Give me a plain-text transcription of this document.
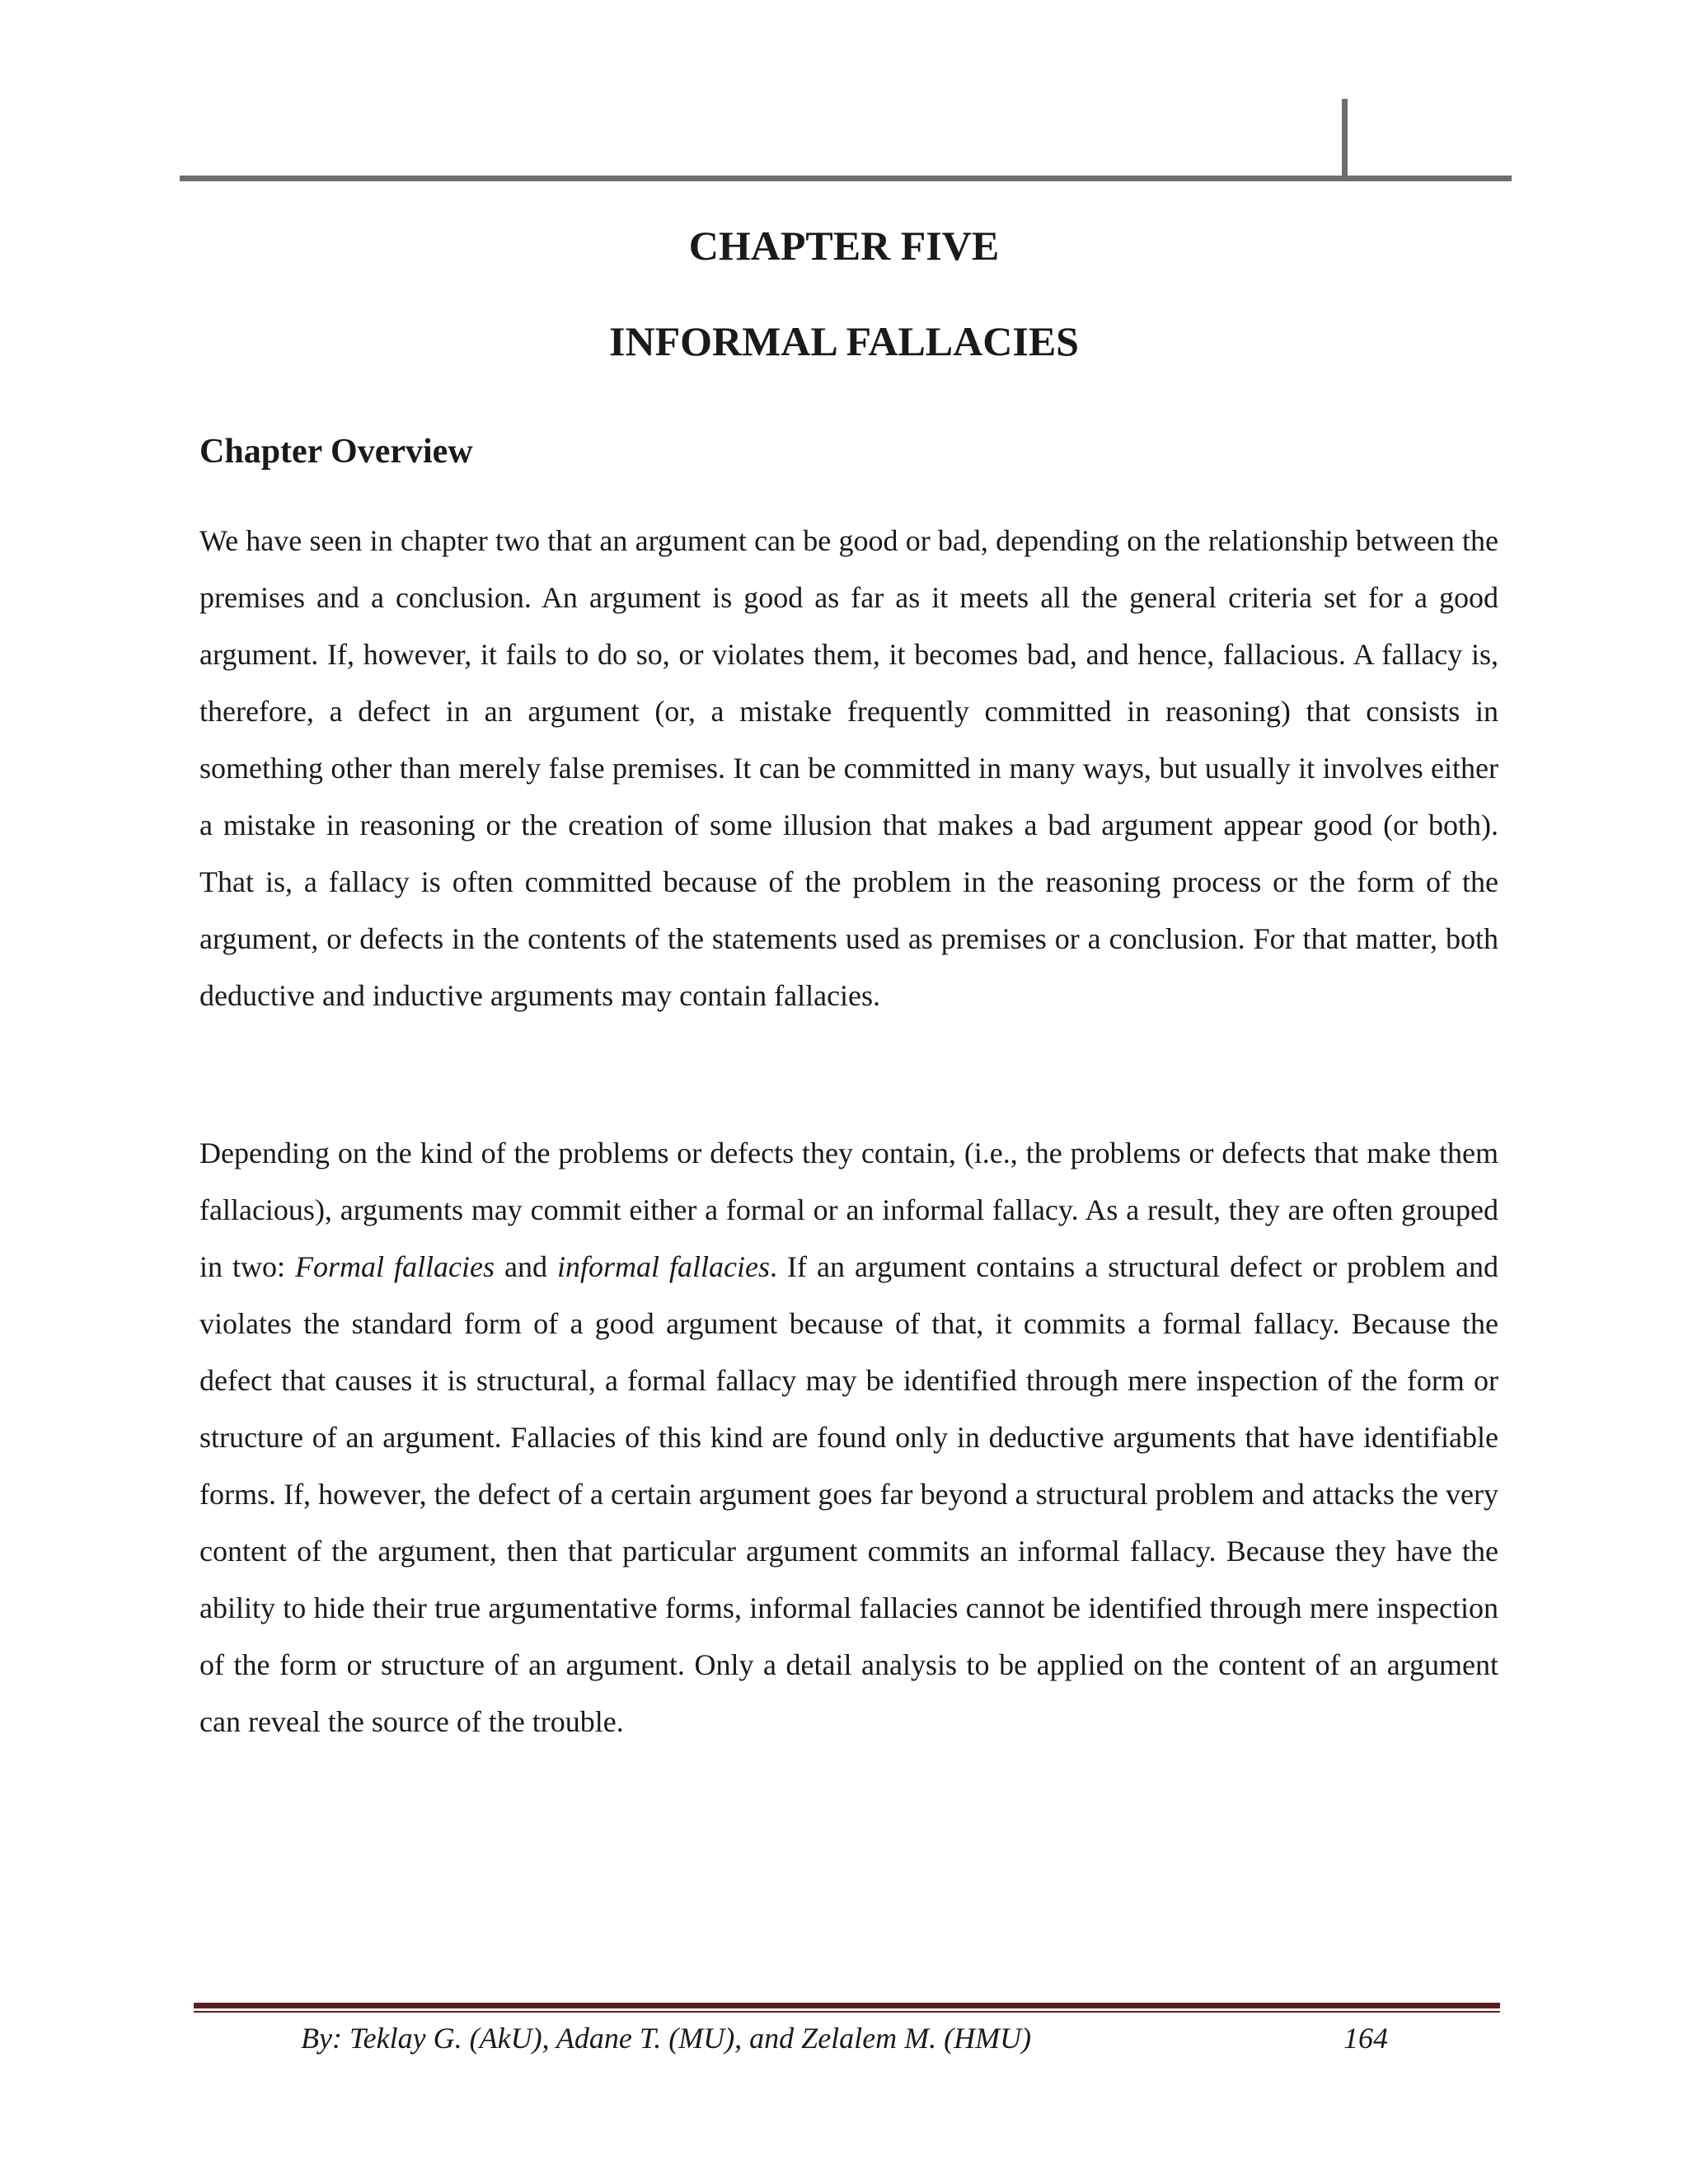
CHAPTER FIVE
INFORMAL FALLACIES
Chapter Overview

We have seen in chapter two that an argument can be good or bad, depending on the relationship between the premises and a conclusion. An argument is good as far as it meets all the general criteria set for a good argument. If, however, it fails to do so, or violates them, it becomes bad, and hence, fallacious. A fallacy is, therefore, a defect in an argument (or, a mistake frequently committed in reasoning) that consists in something other than merely false premises. It can be committed in many ways, but usually it involves either a mistake in reasoning or the creation of some illusion that makes a bad argument appear good (or both). That is, a fallacy is often committed because of the problem in the reasoning process or the form of the argument, or defects in the contents of the statements used as premises or a conclusion. For that matter, both deductive and inductive arguments may contain fallacies.

Depending on the kind of the problems or defects they contain, (i.e., the problems or defects that make them fallacious), arguments may commit either a formal or an informal fallacy. As a result, they are often grouped in two: Formal fallacies and informal fallacies. If an argument contains a structural defect or problem and violates the standard form of a good argument because of that, it commits a formal fallacy. Because the defect that causes it is structural, a formal fallacy may be identified through mere inspection of the form or structure of an argument. Fallacies of this kind are found only in deductive arguments that have identifiable forms. If, however, the defect of a certain argument goes far beyond a structural problem and attacks the very content of the argument, then that particular argument commits an informal fallacy. Because they have the ability to hide their true argumentative forms, informal fallacies cannot be identified through mere inspection of the form or structure of an argument. Only a detail analysis to be applied on the content of an argument can reveal the source of the trouble.

By: Teklay G. (AkU), Adane T. (MU), and Zelalem M. (HMU)	164
